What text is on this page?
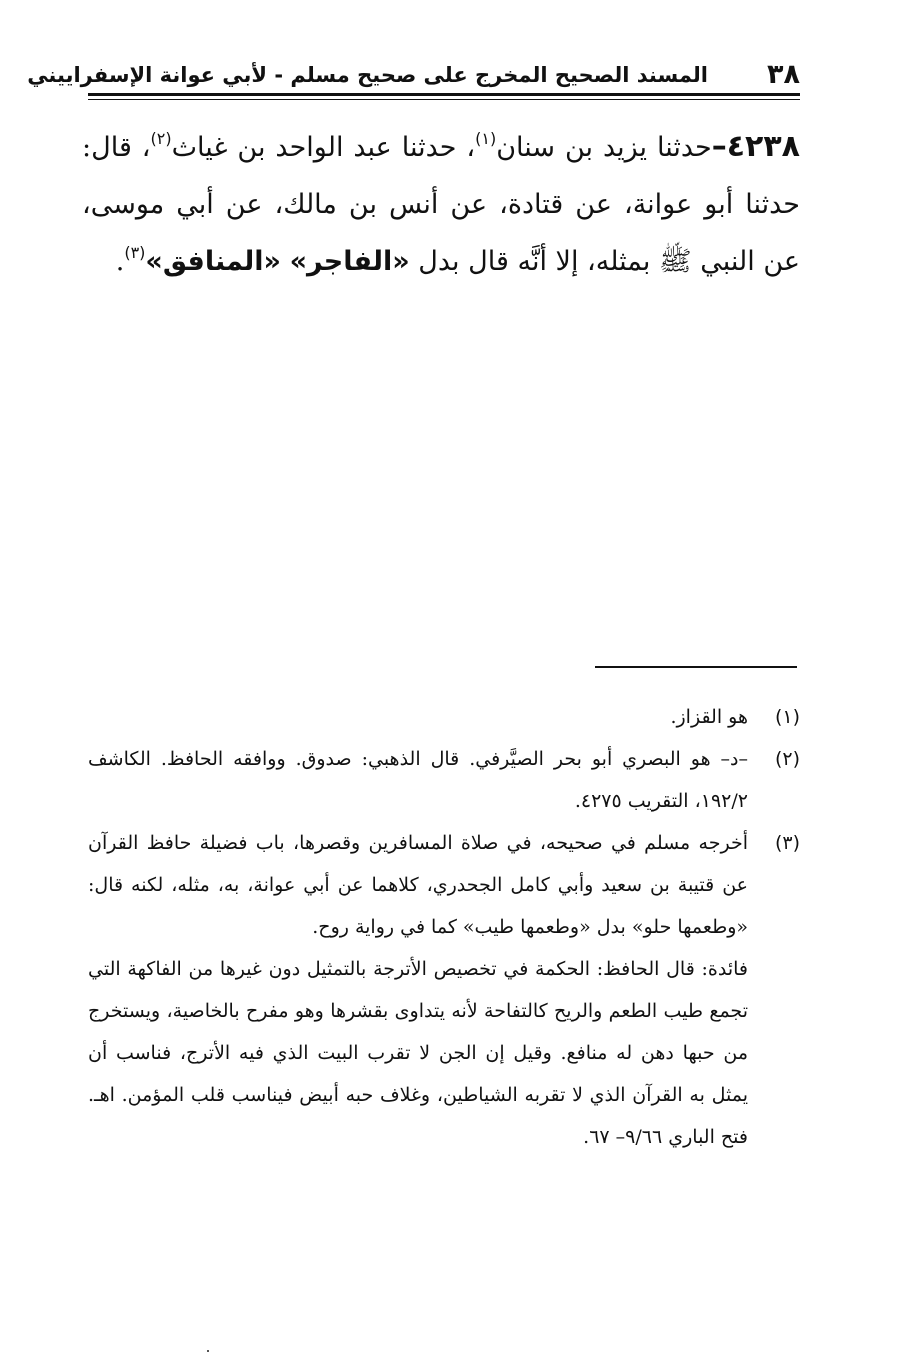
٣٨
المسند الصحيح المخرج على صحيح مسلم - لأبي عوانة الإسفراييني
٤٢٣٨–حدثنا يزيد بن سنان$^{(١)}$، حدثنا عبد الواحد بن غياث$^{(٢)}$، قال: حدثنا أبو عوانة، عن قتادة، عن أنس بن مالك، عن أبي موسى، عن النبي ﷺ بمثله، إلا أنَّه قال بدل «الفاجر» «المنافق»$^{(٣)}$.
(١)
هو القزاز.
(٢)
–د– هو البصري أبو بحر الصيَّرفي. قال الذهبي: صدوق. ووافقه الحافظ. الكاشف ١٩٢/٢، التقريب ٤٢٧٥.
(٣)
أخرجه مسلم في صحيحه، في صلاة المسافرين وقصرها، باب فضيلة حافظ القرآن عن قتيبة بن سعيد وأبي كامل الجحدري، كلاهما عن أبي عوانة، به، مثله، لكنه قال: «وطعمها حلو» بدل «وطعمها طيب» كما في رواية روح.
فائدة: قال الحافظ: الحكمة في تخصيص الأترجة بالتمثيل دون غيرها من الفاكهة التي تجمع طيب الطعم والريح كالتفاحة لأنه يتداوى بقشرها وهو مفرح بالخاصية، ويستخرج من حبها دهن له منافع. وقيل إن الجن لا تقرب البيت الذي فيه الأترج، فناسب أن يمثل به القرآن الذي لا تقربه الشياطين، وغلاف حبه أبيض فيناسب قلب المؤمن. اهـ. فتح الباري ٩/٦٦– ٦٧.
